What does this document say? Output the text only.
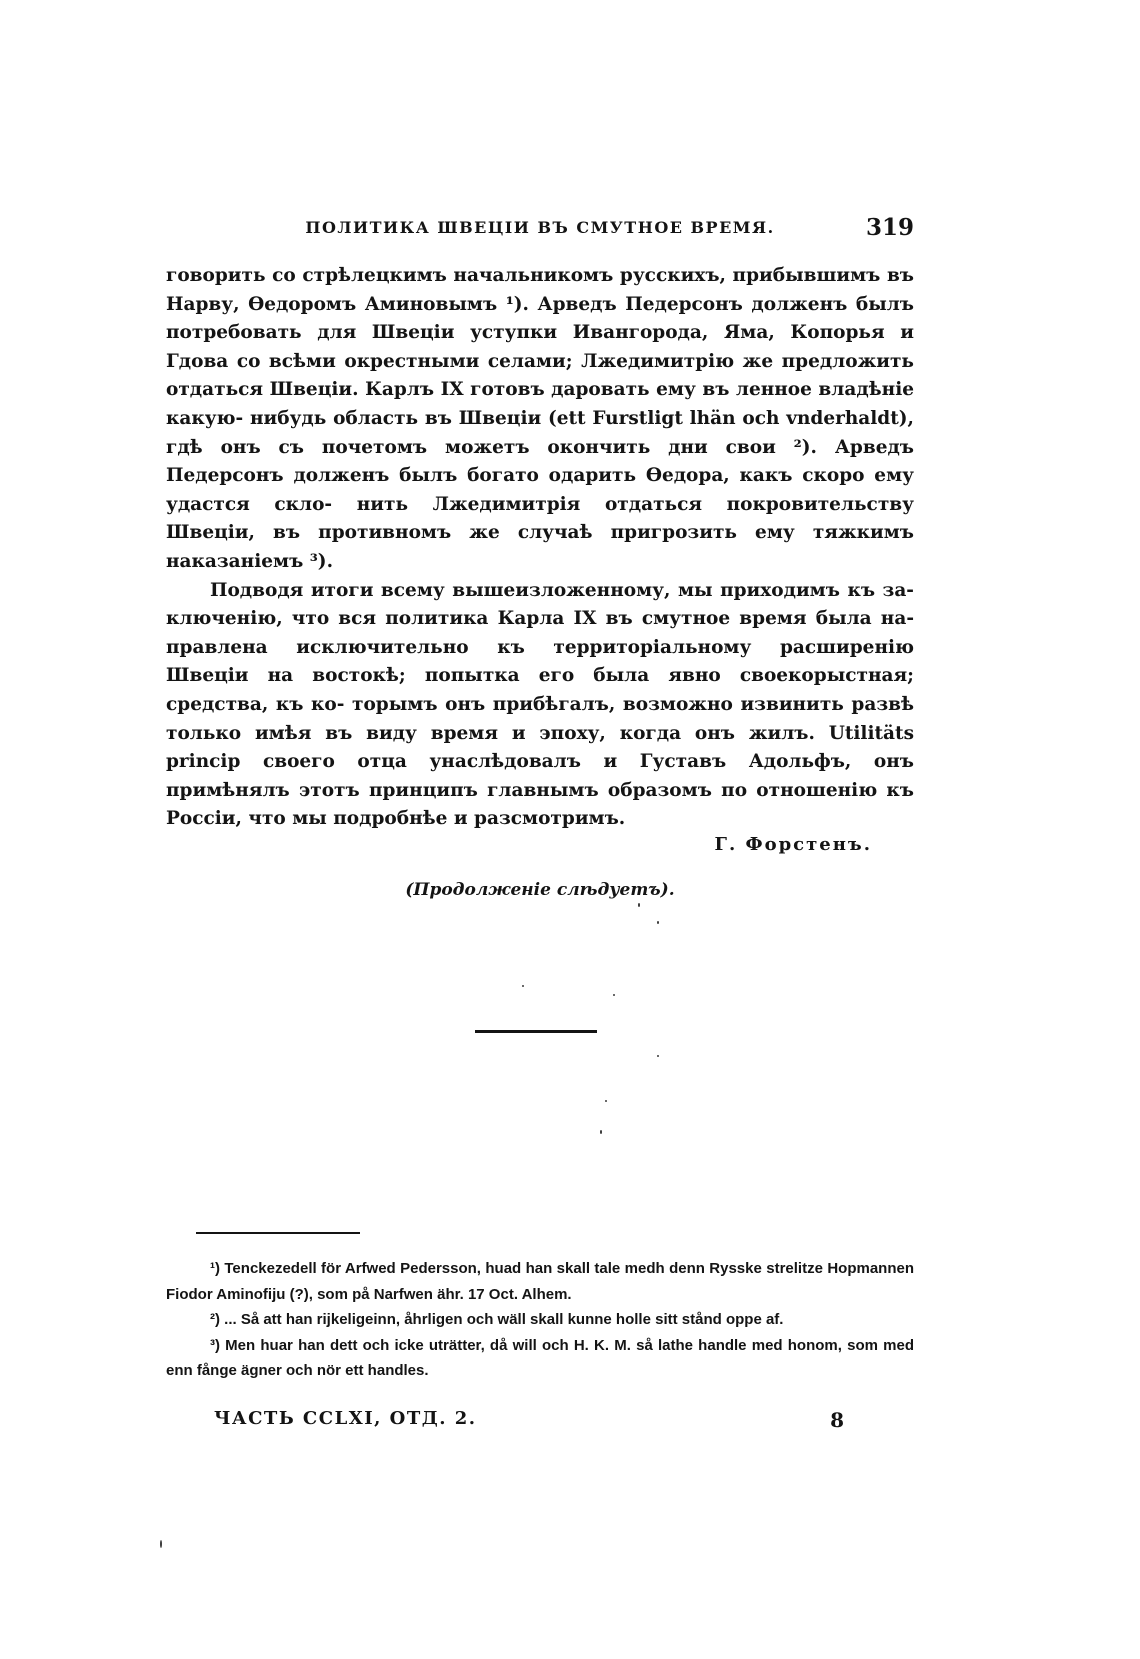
ПОЛИТИКА ШВЕЦІИ ВЪ СМУТНОЕ ВРЕМЯ.	319

говорить со стрѣлецкимъ начальникомъ русскихъ, прибывшимъ въ Нарву, Ѳедоромъ Аминовымъ ¹). Арведъ Педерсонъ долженъ былъ потребовать для Швеціи уступки Ивангорода, Яма, Копорья и Гдова со всѣми окрестными селами; Лжедимитрію же предложить отдаться Швеціи. Карлъ IX готовъ даровать ему въ ленное владѣніе какую- нибудь область въ Швеціи (ett Furstligt lhän och vnderhaldt), гдѣ онъ съ почетомъ можетъ окончить дни свои ²). Арведъ Педерсонъ долженъ былъ богато одарить Ѳедора, какъ скоро ему удастся скло- нить Лжедимитрія отдаться покровительству Швеціи, въ противномъ же случаѣ пригрозить ему тяжкимъ наказаніемъ ³).

Подводя итоги всему вышеизложенному, мы приходимъ къ за- ключенію, что вся политика Карла IX въ смутное время была на- правлена исключительно къ территоріальному расширенію Швеціи на востокѣ; попытка его была явно своекорыстная; средства, къ ко- торымъ онъ прибѣгалъ, возможно извинить развѣ только имѣя въ виду время и эпоху, когда онъ жилъ. Utilitäts princip своего отца унаслѣдовалъ и Густавъ Адольфъ, онъ примѣнялъ этотъ принципъ главнымъ образомъ по отношенію къ Россіи, что мы подробнѣе и разсмотримъ.

Г. Форстенъ.
(Продолженіе слѣдуетъ).

¹) Tenckezedell för Arfwed Pedersson, huad han skall tale medh denn Rysske strelitze Hopmannen Fiodor Aminofiju (?), som på Narfwen ähr. 17 Oct. Alhem.

²) ... Så att han rijkeligeinn, åhrligen och wäll skall kunne holle sitt stånd oppe af.

³) Men huar han dett och icke uträtter, då will och H. K. M. så lathe handle med honom, som med enn fånge ägner och nör ett handles.

ЧАСТЬ CCLXI, ОТД. 2.	8
